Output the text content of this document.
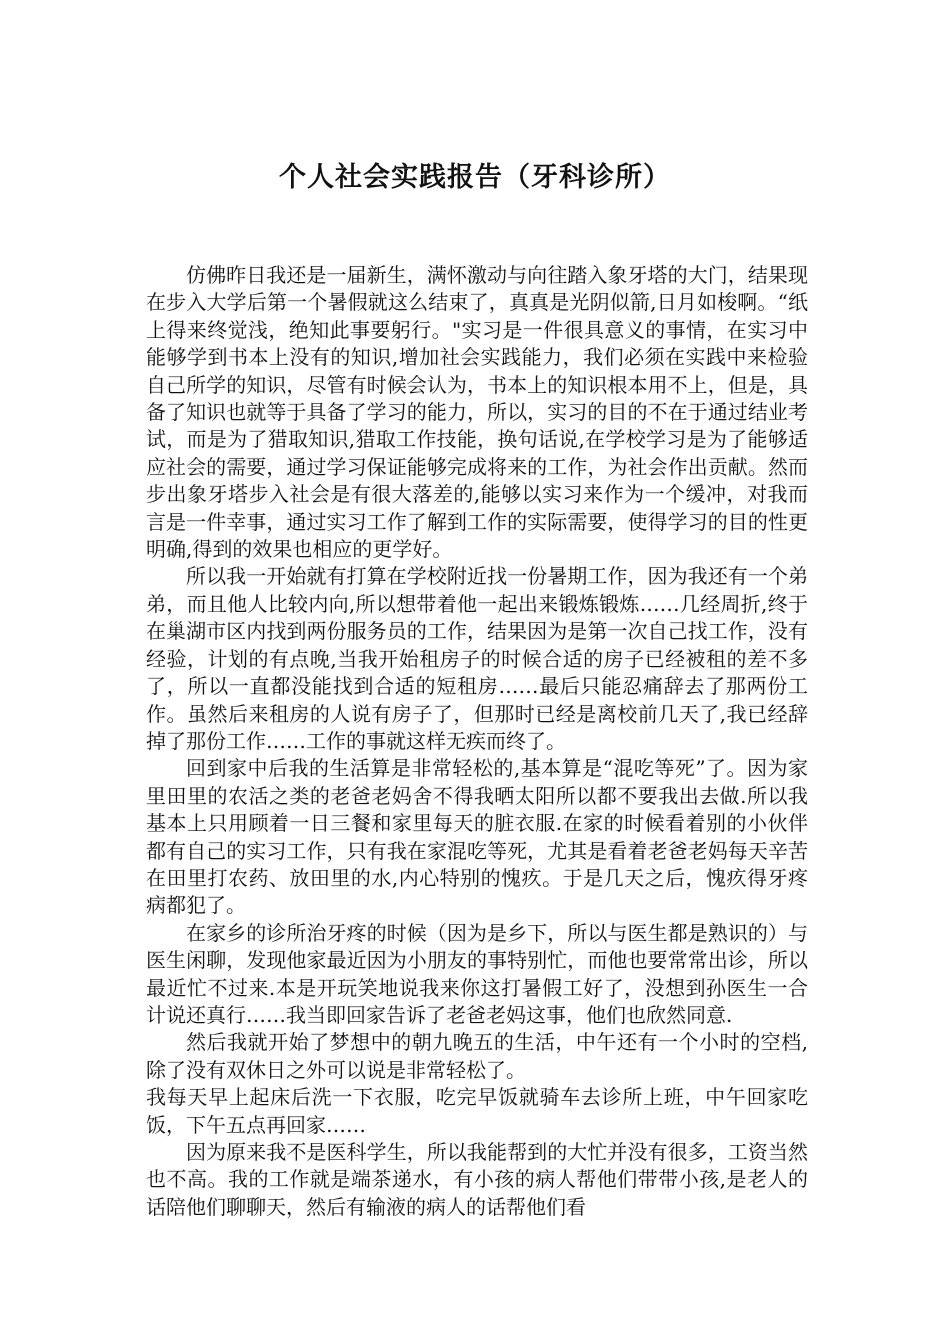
个人社会实践报告（牙科诊所）

仿佛昨日我还是一届新生，满怀激动与向往踏入象牙塔的大门，结果现在步入大学后第一个暑假就这么结束了，真真是光阴似箭,日月如梭啊。“纸上得来终觉浅，绝知此事要躬行。"实习是一件很具意义的事情，在实习中能够学到书本上没有的知识,增加社会实践能力，我们必须在实践中来检验自己所学的知识，尽管有时候会认为，书本上的知识根本用不上，但是，具备了知识也就等于具备了学习的能力，所以，实习的目的不在于通过结业考试，而是为了猎取知识,猎取工作技能，换句话说,在学校学习是为了能够适应社会的需要，通过学习保证能够完成将来的工作，为社会作出贡献。然而步出象牙塔步入社会是有很大落差的,能够以实习来作为一个缓冲，对我而言是一件幸事，通过实习工作了解到工作的实际需要，使得学习的目的性更明确,得到的效果也相应的更学好。

所以我一开始就有打算在学校附近找一份暑期工作，因为我还有一个弟弟，而且他人比较内向,所以想带着他一起出来锻炼锻炼……几经周折,终于在巢湖市区内找到两份服务员的工作，结果因为是第一次自己找工作，没有经验，计划的有点晚,当我开始租房子的时候合适的房子已经被租的差不多了，所以一直都没能找到合适的短租房……最后只能忍痛辞去了那两份工作。虽然后来租房的人说有房子了，但那时已经是离校前几天了,我已经辞掉了那份工作……工作的事就这样无疾而终了。

回到家中后我的生活算是非常轻松的,基本算是“混吃等死”了。因为家里田里的农活之类的老爸老妈舍不得我晒太阳所以都不要我出去做.所以我基本上只用顾着一日三餐和家里每天的脏衣服.在家的时候看着别的小伙伴都有自己的实习工作，只有我在家混吃等死，尤其是看着老爸老妈每天辛苦在田里打农药、放田里的水,内心特别的愧疚。于是几天之后，愧疚得牙疼病都犯了。

在家乡的诊所治牙疼的时候（因为是乡下，所以与医生都是熟识的）与医生闲聊，发现他家最近因为小朋友的事特别忙，而他也要常常出诊，所以最近忙不过来.本是开玩笑地说我来你这打暑假工好了，没想到孙医生一合计说还真行……我当即回家告诉了老爸老妈这事，他们也欣然同意.

然后我就开始了梦想中的朝九晚五的生活，中午还有一个小时的空档,除了没有双休日之外可以说是非常轻松了。

我每天早上起床后洗一下衣服，吃完早饭就骑车去诊所上班，中午回家吃饭，下午五点再回家……

因为原来我不是医科学生，所以我能帮到的大忙并没有很多，工资当然也不高。我的工作就是端茶递水，有小孩的病人帮他们带带小孩,是老人的话陪他们聊聊天，然后有输液的病人的话帮他们看
